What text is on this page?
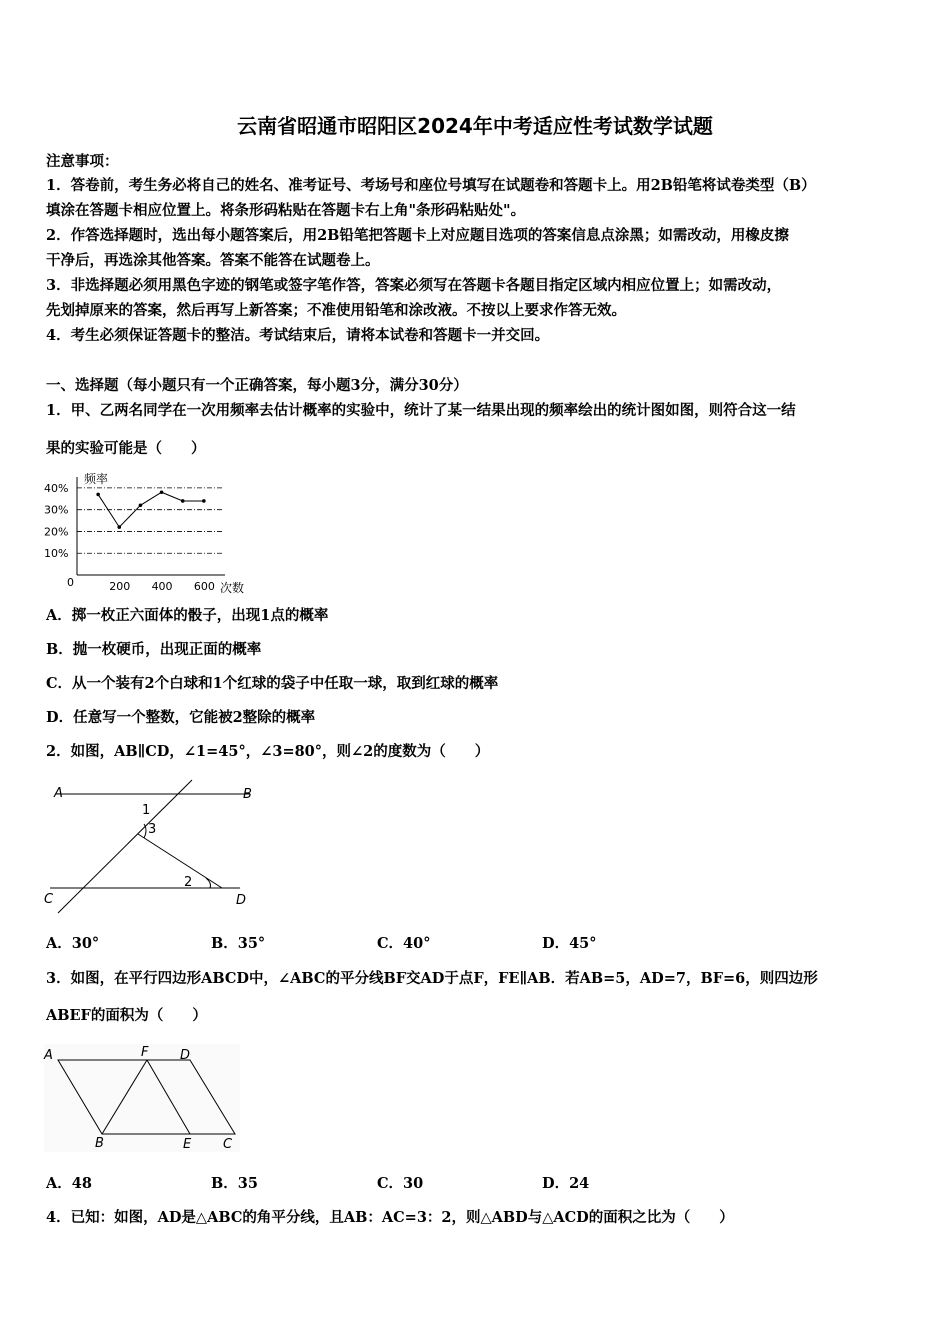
云南省昭通市昭阳区2024年中考适应性考试数学试题
注意事项：
1．答卷前，考生务必将自己的姓名、准考证号、考场号和座位号填写在试题卷和答题卡上。用2B铅笔将试卷类型（B）
填涂在答题卡相应位置上。将条形码粘贴在答题卡右上角"条形码粘贴处"。
2．作答选择题时，选出每小题答案后，用2B铅笔把答题卡上对应题目选项的答案信息点涂黑；如需改动，用橡皮擦
干净后，再选涂其他答案。答案不能答在试题卷上。
3．非选择题必须用黑色字迹的钢笔或签字笔作答，答案必须写在答题卡各题目指定区域内相应位置上；如需改动，
先划掉原来的答案，然后再写上新答案；不准使用铅笔和涂改液。不按以上要求作答无效。
4．考生必须保证答题卡的整洁。考试结束后，请将本试卷和答题卡一并交回。
一、选择题（每小题只有一个正确答案，每小题3分，满分30分）
1．甲、乙两名同学在一次用频率去估计概率的实验中，统计了某一结果出现的频率绘出的统计图如图，则符合这一结
果的实验可能是（　　）
频率
次数
0
40%
30%
20%
10%
200 400 600
A．掷一枚正六面体的骰子，出现1点的概率
B．抛一枚硬币，出现正面的概率
C．从一个装有2个白球和1个红球的袋子中任取一球，取到红球的概率
D．任意写一个整数，它能被2整除的概率
2．如图，AB∥CD，∠1=45°，∠3=80°，则∠2的度数为（　　）
A	B
C	D
1
3
2
A．30°	B．35°	C．40°	D．45°
3．如图，在平行四边形ABCD中，∠ABC的平分线BF交AD于点F，FE∥AB．若AB=5，AD=7，BF=6，则四边形
ABEF的面积为（　　）
A	F D
B	E C
A．48	B．35	C．30	D．24
4．已知：如图，AD是△ABC的角平分线，且AB：AC=3：2，则△ABD与△ACD的面积之比为（　　）
